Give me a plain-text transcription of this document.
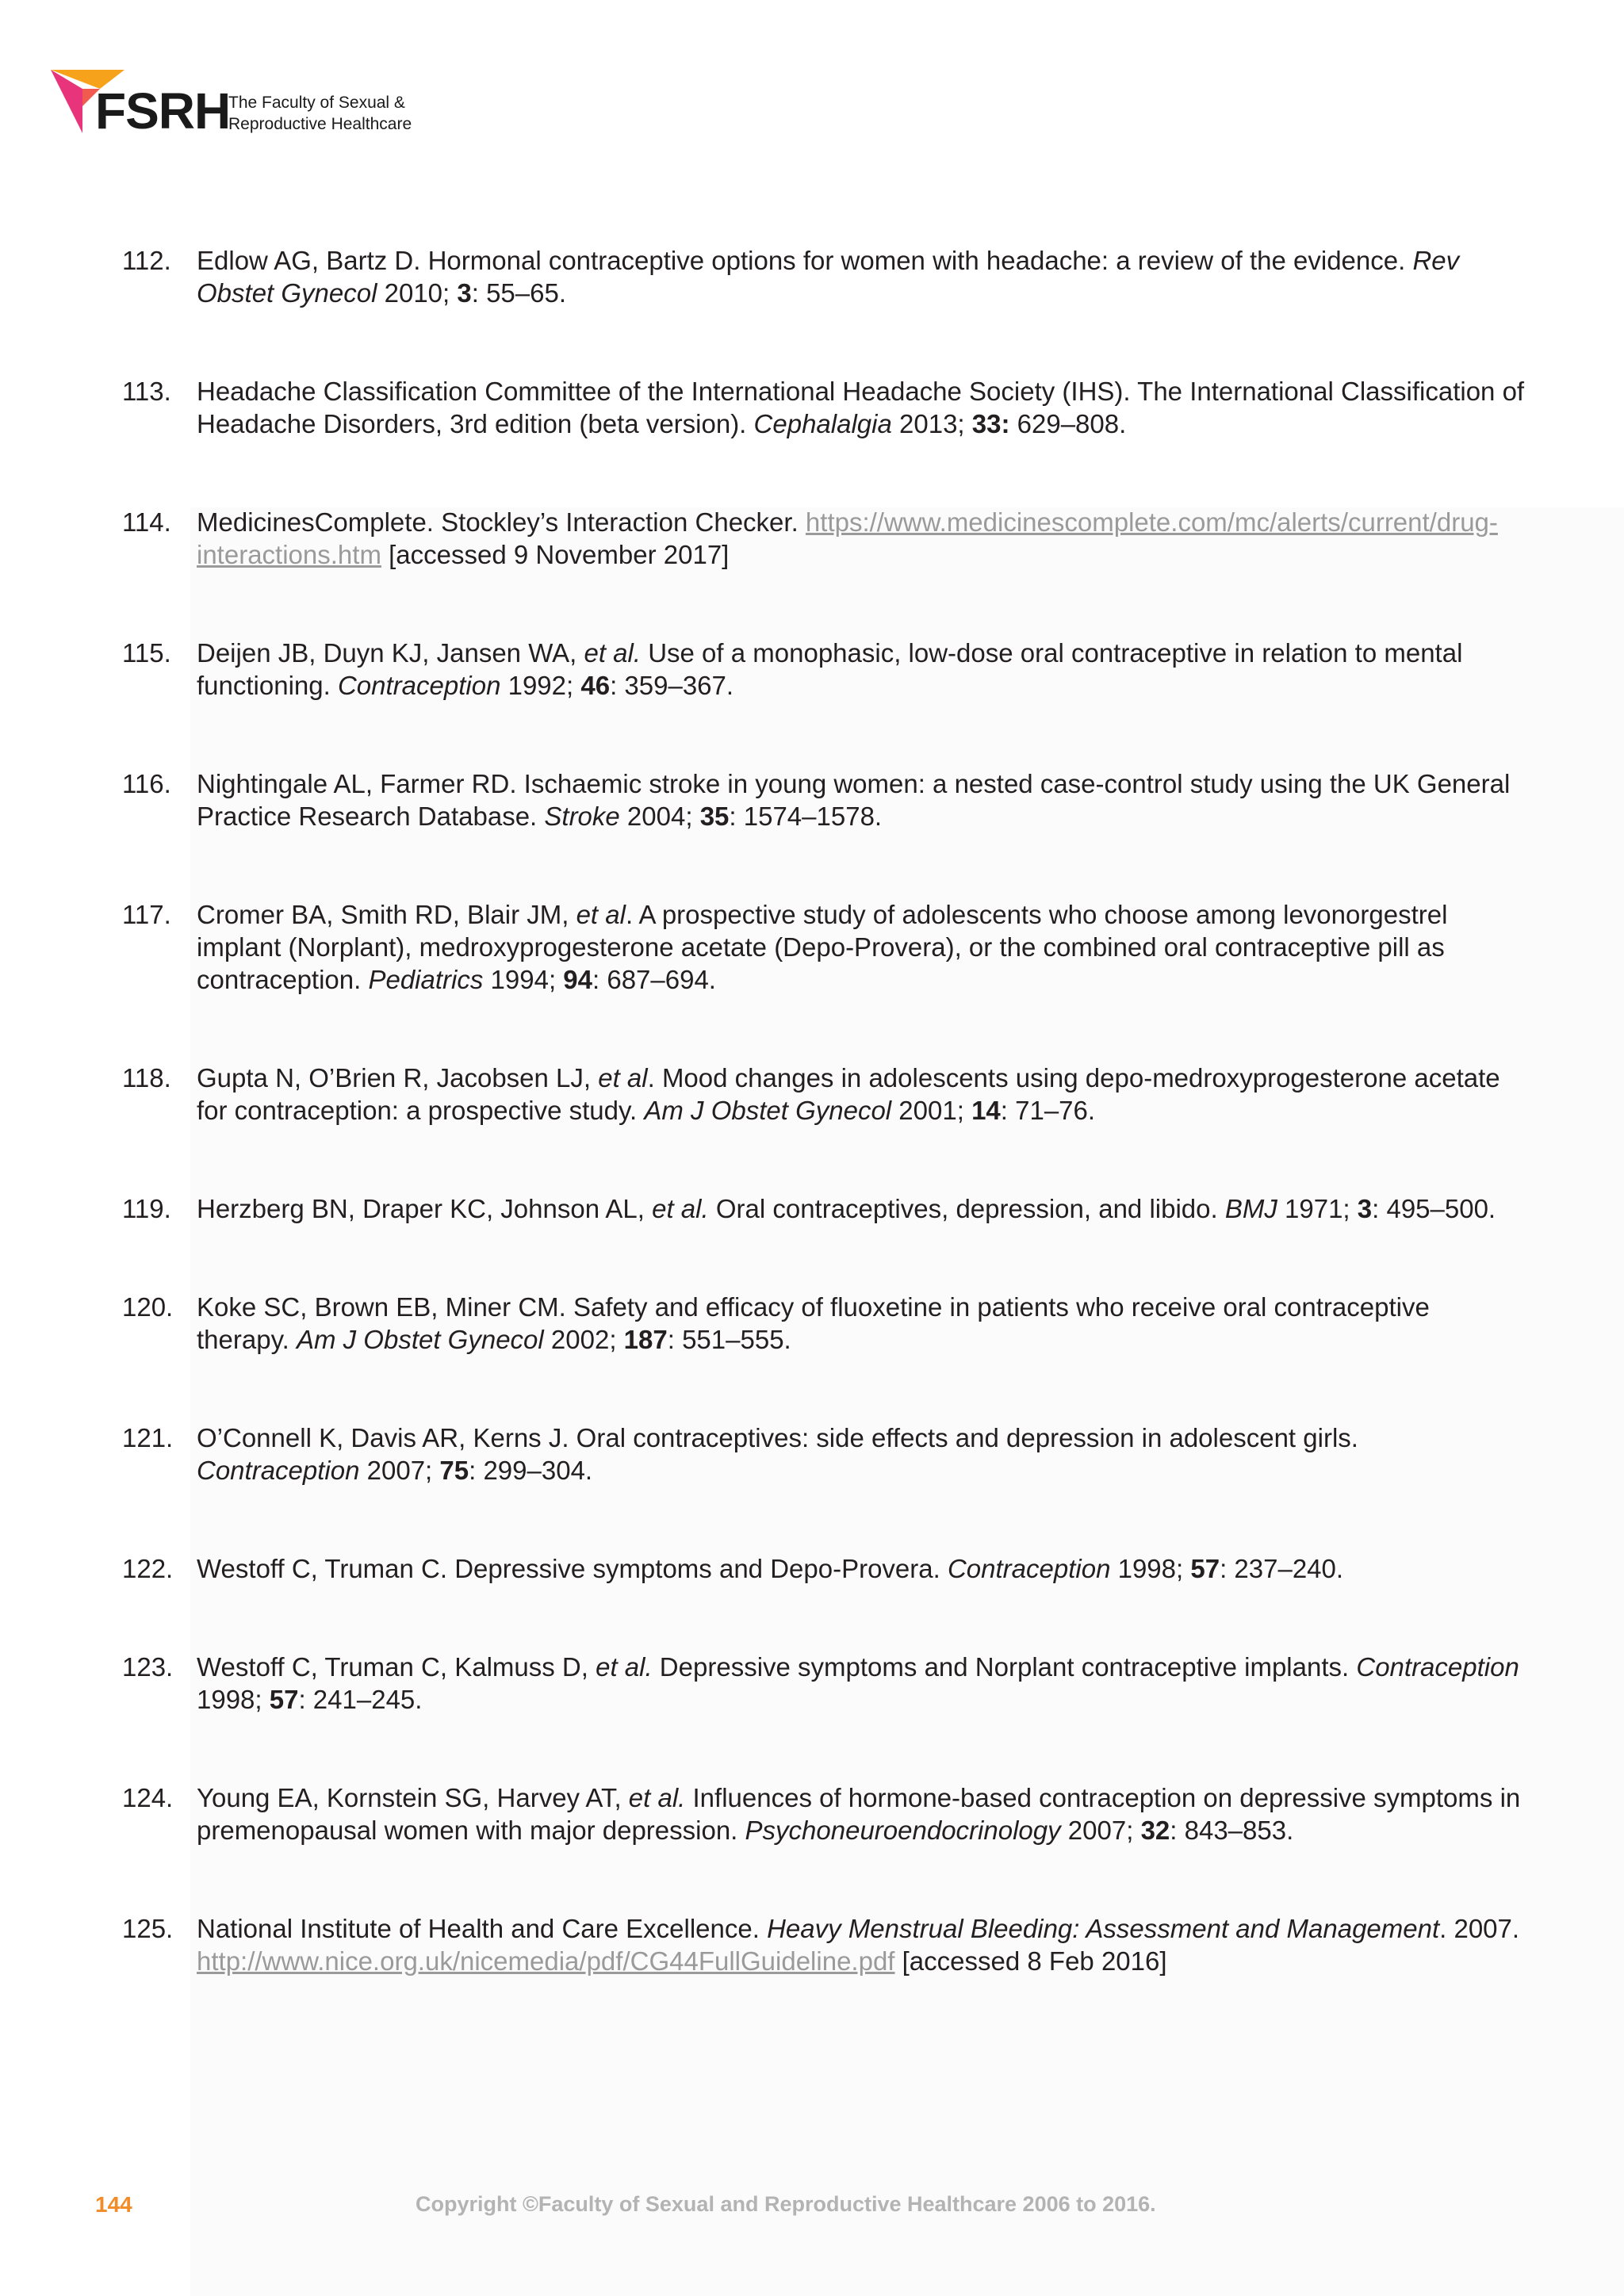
FSRH
The Faculty of Sexual &
Reproductive Healthcare
112. Edlow AG, Bartz D. Hormonal contraceptive options for women with headache: a review of the evidence. Rev Obstet Gynecol 2010; 3: 55–65.
113. Headache Classification Committee of the International Headache Society (IHS). The International Classification of Headache Disorders, 3rd edition (beta version). Cephalalgia 2013; 33: 629–808.
114. MedicinesComplete. Stockley’s Interaction Checker. https://www.medicinescomplete.com/mc/alerts/current/drug-interactions.htm [accessed 9 November 2017]
115. Deijen JB, Duyn KJ, Jansen WA, et al. Use of a monophasic, low-dose oral contraceptive in relation to mental functioning. Contraception 1992; 46: 359–367.
116. Nightingale AL, Farmer RD. Ischaemic stroke in young women: a nested case-control study using the UK General Practice Research Database. Stroke 2004; 35: 1574–1578.
117. Cromer BA, Smith RD, Blair JM, et al. A prospective study of adolescents who choose among levonorgestrel implant (Norplant), medroxyprogesterone acetate (Depo-Provera), or the combined oral contraceptive pill as contraception. Pediatrics 1994; 94: 687–694.
118. Gupta N, O’Brien R, Jacobsen LJ, et al. Mood changes in adolescents using depo-medroxyprogesterone acetate for contraception: a prospective study. Am J Obstet Gynecol 2001; 14: 71–76.
119. Herzberg BN, Draper KC, Johnson AL, et al. Oral contraceptives, depression, and libido. BMJ 1971; 3: 495–500.
120. Koke SC, Brown EB, Miner CM. Safety and efficacy of fluoxetine in patients who receive oral contraceptive therapy. Am J Obstet Gynecol 2002; 187: 551–555.
121. O’Connell K, Davis AR, Kerns J. Oral contraceptives: side effects and depression in adolescent girls. Contraception 2007; 75: 299–304.
122. Westoff C, Truman C. Depressive symptoms and Depo-Provera. Contraception 1998; 57: 237–240.
123. Westoff C, Truman C, Kalmuss D, et al. Depressive symptoms and Norplant contraceptive implants. Contraception 1998; 57: 241–245.
124. Young EA, Kornstein SG, Harvey AT, et al. Influences of hormone-based contraception on depressive symptoms in premenopausal women with major depression. Psychoneuroendocrinology 2007; 32: 843–853.
125. National Institute of Health and Care Excellence. Heavy Menstrual Bleeding: Assessment and Management. 2007. http://www.nice.org.uk/nicemedia/pdf/CG44FullGuideline.pdf [accessed 8 Feb 2016]
144	Copyright ©Faculty of Sexual and Reproductive Healthcare 2006 to 2016.
